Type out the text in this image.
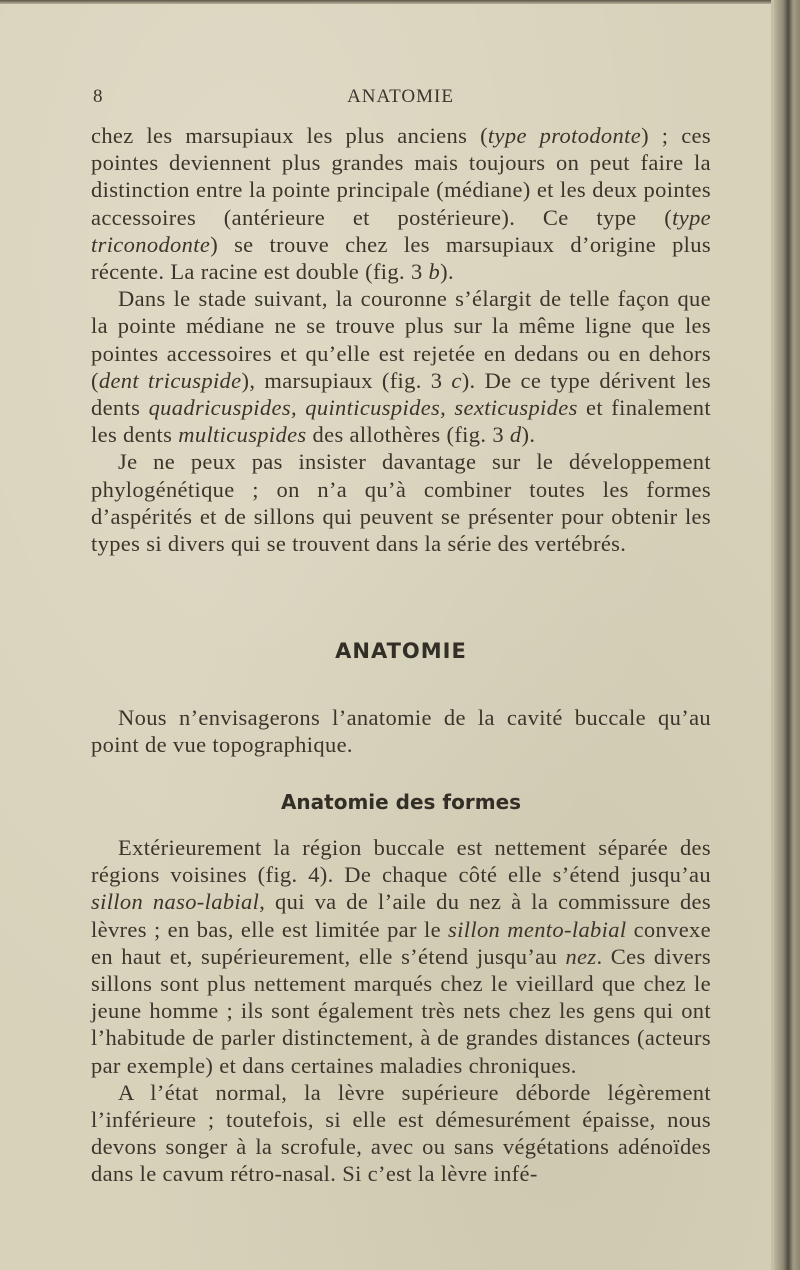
8	ANATOMIE

chez les marsupiaux les plus anciens (type protodonte) ; ces pointes deviennent plus grandes mais toujours on peut faire la distinction entre la pointe principale (médiane) et les deux pointes accessoires (antérieure et postérieure). Ce type (type triconodonte) se trouve chez les marsupiaux d’origine plus récente. La racine est double (fig. 3 b).

Dans le stade suivant, la couronne s’élargit de telle façon que la pointe médiane ne se trouve plus sur la même ligne que les pointes accessoires et qu’elle est rejetée en dedans ou en dehors (dent tricuspide), marsupiaux (fig. 3 c). De ce type dérivent les dents quadricuspides, quinticuspides, sexticuspides et finalement les dents multicuspides des allothères (fig. 3 d).

Je ne peux pas insister davantage sur le développement phylogénétique ; on n’a qu’à combiner toutes les formes d’aspérités et de sillons qui peuvent se présenter pour obtenir les types si divers qui se trouvent dans la série des vertébrés.

ANATOMIE

Nous n’envisagerons l’anatomie de la cavité buccale qu’au point de vue topographique.

Anatomie des formes

Extérieurement la région buccale est nettement séparée des régions voisines (fig. 4). De chaque côté elle s’étend jusqu’au sillon naso-labial, qui va de l’aile du nez à la commissure des lèvres ; en bas, elle est limitée par le sillon mento-labial convexe en haut et, supérieurement, elle s’étend jusqu’au nez. Ces divers sillons sont plus nettement marqués chez le vieillard que chez le jeune homme ; ils sont également très nets chez les gens qui ont l’habitude de parler distinctement, à de grandes distances (acteurs par exemple) et dans certaines maladies chroniques.

A l’état normal, la lèvre supérieure déborde légèrement l’inférieure ; toutefois, si elle est démesurément épaisse, nous devons songer à la scrofule, avec ou sans végétations adénoïdes dans le cavum rétro-nasal. Si c’est la lèvre infé-
